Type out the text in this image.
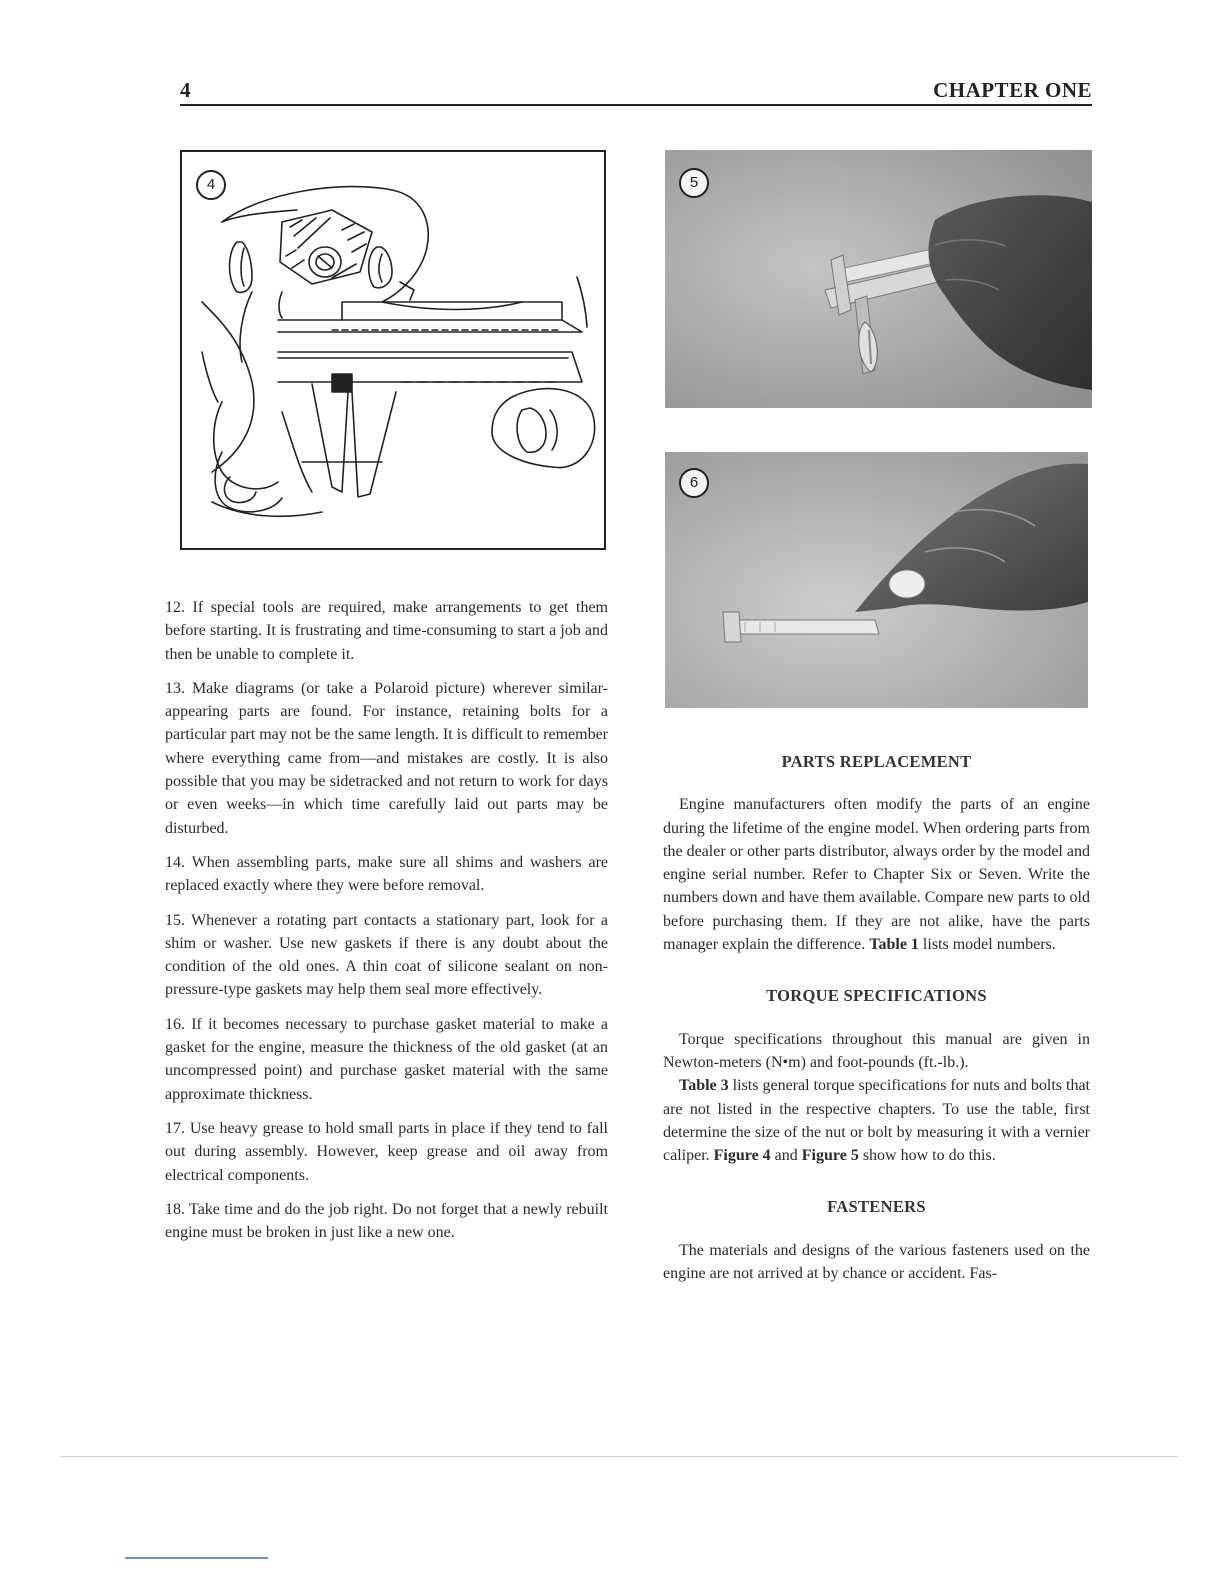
4	CHAPTER ONE
4	5
6

12. If special tools are required, make arrangements to get them before starting. It is frustrating and time-consuming to start a job and then be unable to complete it.

13. Make diagrams (or take a Polaroid picture) wherever similar-appearing parts are found. For instance, retaining bolts for a particular part may not be the same length. It is difficult to remember where everything came from—and mistakes are costly. It is also possible that you may be sidetracked and not return to work for days or even weeks—in which time carefully laid out parts may be disturbed.

14. When assembling parts, make sure all shims and washers are replaced exactly where they were before removal.

15. Whenever a rotating part contacts a stationary part, look for a shim or washer. Use new gaskets if there is any doubt about the condition of the old ones. A thin coat of silicone sealant on non-pressure-type gaskets may help them seal more effectively.

16. If it becomes necessary to purchase gasket material to make a gasket for the engine, measure the thickness of the old gasket (at an uncompressed point) and purchase gasket material with the same approximate thickness.

17. Use heavy grease to hold small parts in place if they tend to fall out during assembly. However, keep grease and oil away from electrical components.

18. Take time and do the job right. Do not forget that a newly rebuilt engine must be broken in just like a new one.

PARTS REPLACEMENT

Engine manufacturers often modify the parts of an engine during the lifetime of the engine model. When ordering parts from the dealer or other parts distributor, always order by the model and engine serial number. Refer to Chapter Six or Seven. Write the numbers down and have them available. Compare new parts to old before purchasing them. If they are not alike, have the parts manager explain the difference. Table 1 lists model numbers.

TORQUE SPECIFICATIONS

Torque specifications throughout this manual are given in Newton-meters (N•m) and foot-pounds (ft.-lb.).

Table 3 lists general torque specifications for nuts and bolts that are not listed in the respective chapters. To use the table, first determine the size of the nut or bolt by measuring it with a vernier caliper. Figure 4 and Figure 5 show how to do this.

FASTENERS

The materials and designs of the various fasteners used on the engine are not arrived at by chance or accident. Fas-
